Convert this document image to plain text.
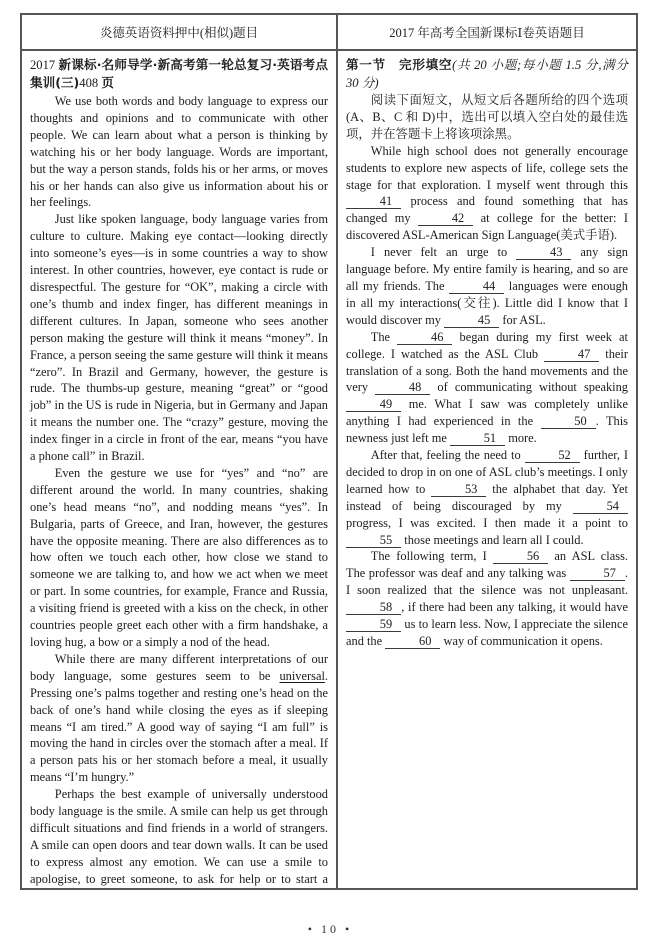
炎德英语资料押中(相似)题目	2017 年高考全国新课标Ⅰ卷英语题目
2017 新课标·名师导学·新高考第一轮总复习·英语考点集训(三)408 页

We use both words and body language to express our thoughts and opinions and to communicate with other people. We can learn about what a person is thinking by watching his or her body language. Words are important, but the way a person stands, folds his or her arms, or moves his or her hands can also give us information about his or her feelings.

Just like spoken language, body language varies from culture to culture. Making eye contact—looking directly into someone’s eyes—is in some countries a way to show interest. In other countries, however, eye contact is rude or disrespectful. The gesture for “OK”, making a circle with one’s thumb and index finger, has different meanings in different cultures. In Japan, someone who sees another person making the gesture will think it means “money”. In France, a person seeing the same gesture will think it means “zero”. In Brazil and Germany, however, the gesture is rude. The thumbs-up gesture, meaning “great” or “good job” in the US is rude in Nigeria, but in Germany and Japan it means the number one. The “crazy” gesture, moving the index finger in a circle in front of the ear, means “you have a phone call” in Brazil.

Even the gesture we use for “yes” and “no” are different around the world. In many countries, shaking one’s head means “no”, and nodding means “yes”. In Bulgaria, parts of Greece, and Iran, however, the gestures have the opposite meaning. There are also differences as to how often we touch each other, how close we stand to someone we are talking to, and how we act when we meet or part. In some countries, for example, France and Russia, a visiting friend is greeted with a kiss on the check, in other countries people greet each other with a firm handshake, a loving hug, a bow or a simply a nod of the head.

While there are many different interpretations of our body language, some gestures seem to be universal. Pressing one’s palms together and resting one’s head on the back of one’s hand while closing the eyes as if sleeping means “I am tired.” A good way of saying “I am full” is moving the hand in circles over the stomach after a meal. If a person pats his or her stomach before a meal, it usually means “I’m hungry.”

Perhaps the best example of universally understood body language is the smile. A smile can help us get through difficult situations and find friends in a world of strangers. A smile can open doors and tear down walls. It can be used to express almost any emotion. We can use a smile to apologise, to greet someone, to ask for help or to start a

第一节　完形填空(共 20 小题;每小题 1.5 分,满分 30 分)

阅读下面短文，从短文后各题所给的四个选项(A、B、C 和 D)中，选出可以填入空白处的最佳选项，并在答题卡上将该项涂黑。

While high school does not generally encourage students to explore new aspects of life, college sets the stage for that exploration. I myself went through this 41 process and found something that has changed my	42 at college for the better: I discovered ASL-American Sign Language(美式手语).

I never felt an urge to	43 any sign language before. My entire family is hearing, and so are all my friends. The	44 languages were enough in all my interactions(交往). Little did I know that I would discover my	45 for ASL.

The	46 began during my first week at college. I watched as the ASL Club	47 their translation of a song. Both the hand movements and the very	48 of communicating without speaking 49 me. What I saw was completely unlike anything I had experienced in the	50 . This newness just left me	51 more.

After that, feeling the need to	52 further, I decided to drop in on one of ASL club’s meetings. I only learned how to	53 the alphabet that day. Yet instead of being discouraged by my	54 progress, I was excited. I then made it a point to 55 those meetings and learn all I could.

The following term, I	56 an ASL class. The professor was deaf and any talking was	57 . I soon realized that the silence was not unpleasant. 58 , if there had been any talking, it would have 59 us to learn less. Now, I appreciate the silence and the	60 way of communication it opens.

• 10 •
